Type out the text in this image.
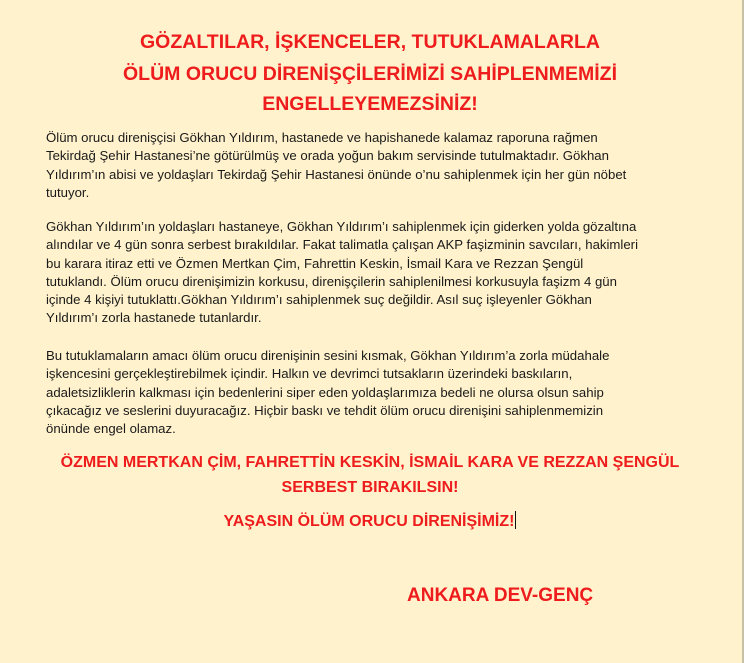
GÖZALTILAR, İŞKENCELER, TUTUKLAMALARLA
ÖLÜM ORUCU DİRENİŞÇİLERİMİZİ SAHİPLENMEMİZİ
ENGELLEYEMEZSİNİZ!
Ölüm orucu direnişçisi Gökhan Yıldırım, hastanede ve hapishanede kalamaz raporuna rağmen
Tekirdağ Şehir Hastanesi’ne götürülmüş ve orada yoğun bakım servisinde tutulmaktadır. Gökhan
Yıldırım’ın abisi ve yoldaşları Tekirdağ Şehir Hastanesi önünde o’nu sahiplenmek için her gün nöbet
tutuyor.
Gökhan Yıldırım’ın yoldaşları hastaneye, Gökhan Yıldırım’ı sahiplenmek için giderken yolda gözaltına
alındılar ve 4 gün sonra serbest bırakıldılar. Fakat talimatla çalışan AKP faşizminin savcıları, hakimleri
bu karara itiraz etti ve Özmen Mertkan Çim, Fahrettin Keskin, İsmail Kara ve Rezzan Şengül
tutuklandı. Ölüm orucu direnişimizin korkusu, direnişçilerin sahiplenilmesi korkusuyla faşizm 4 gün
içinde 4 kişiyi tutuklattı.Gökhan Yıldırım’ı sahiplenmek suç değildir. Asıl suç işleyenler Gökhan
Yıldırım’ı zorla hastanede tutanlardır.
Bu tutuklamaların amacı ölüm orucu direnişinin sesini kısmak, Gökhan Yıldırım’a zorla müdahale
işkencesini gerçekleştirebilmek içindir. Halkın ve devrimci tutsakların üzerindeki baskıların,
adaletsizliklerin kalkması için bedenlerini siper eden yoldaşlarımıza bedeli ne olursa olsun sahip
çıkacağız ve seslerini duyuracağız. Hiçbir baskı ve tehdit ölüm orucu direnişini sahiplenmemizin
önünde engel olamaz.
ÖZMEN MERTKAN ÇİM, FAHRETTİN KESKİN, İSMAİL KARA VE REZZAN ŞENGÜL
SERBEST BIRAKILSIN!
YAŞASIN ÖLÜM ORUCU DİRENİŞİMİZ!
ANKARA DEV-GENÇ
